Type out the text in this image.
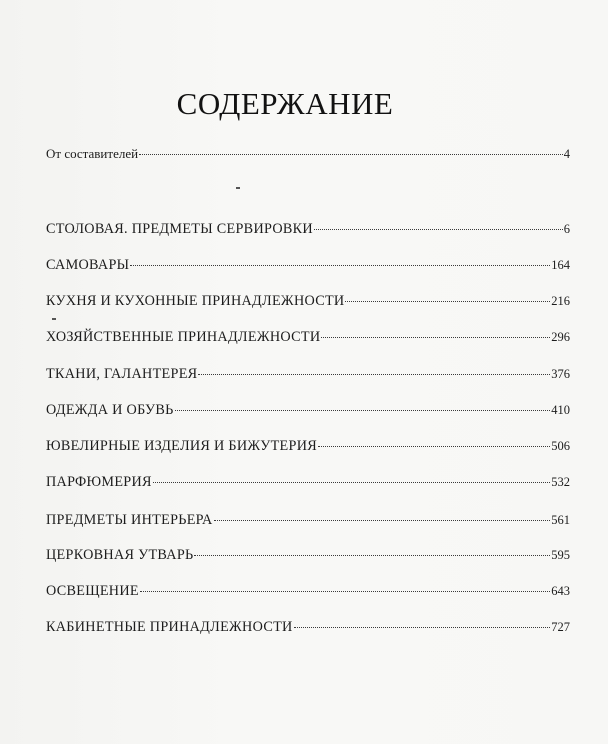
СОДЕРЖАНИЕ
От составителей	4
СТОЛОВАЯ. ПРЕДМЕТЫ СЕРВИРОВКИ	6
САМОВАРЫ	164
КУХНЯ И КУХОННЫЕ ПРИНАДЛЕЖНОСТИ	216
ХОЗЯЙСТВЕННЫЕ ПРИНАДЛЕЖНОСТИ	296
ТКАНИ, ГАЛАНТЕРЕЯ	376
ОДЕЖДА И ОБУВЬ	410
ЮВЕЛИРНЫЕ ИЗДЕЛИЯ И БИЖУТЕРИЯ	506
ПАРФЮМЕРИЯ	532
ПРЕДМЕТЫ ИНТЕРЬЕРА	561
ЦЕРКОВНАЯ УТВАРЬ	595
ОСВЕЩЕНИЕ	643
КАБИНЕТНЫЕ ПРИНАДЛЕЖНОСТИ	727
